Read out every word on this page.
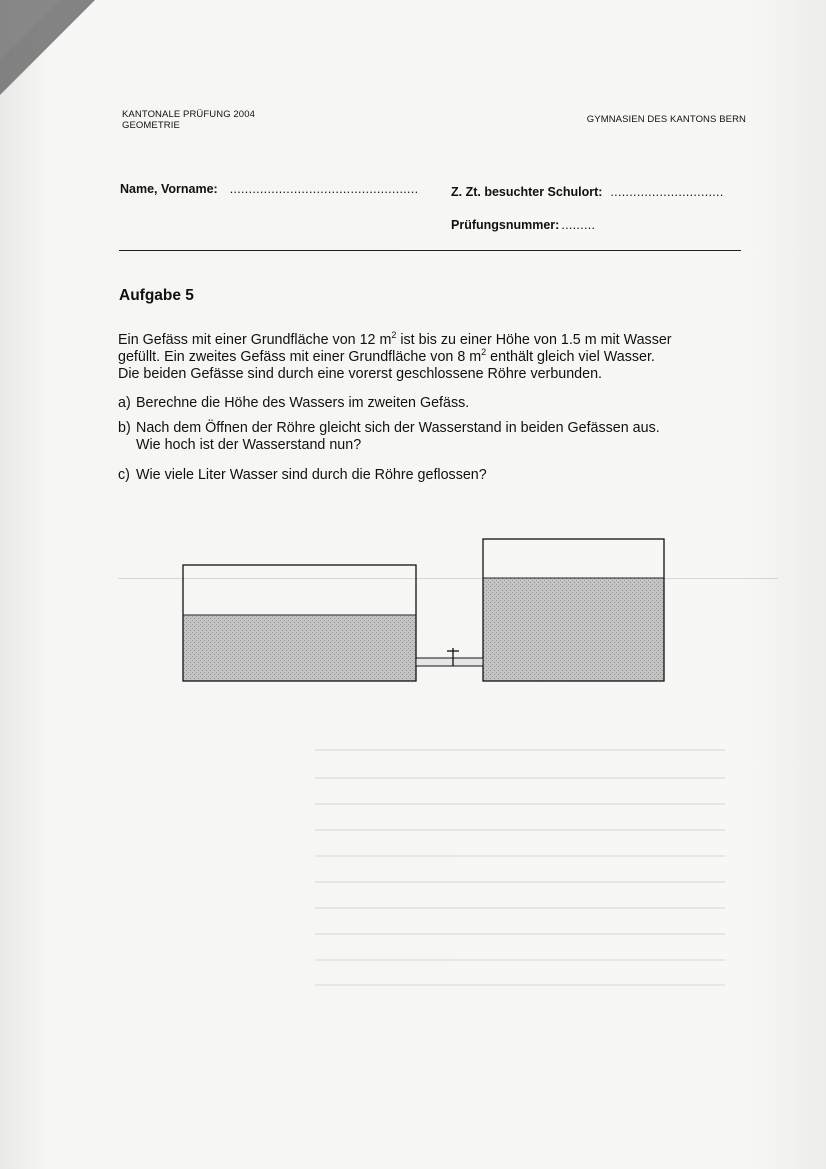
KANTONALE PRÜFUNG 2004
GEOMETRIE
GYMNASIEN DES KANTONS BERN
Name, Vorname: ..................................................	Z. Zt. besuchter Schulort: ..............................
Prüfungsnummer: .........
Aufgabe 5

Ein Gefäss mit einer Grundfläche von 12 $m^2$ ist bis zu einer Höhe von 1.5 m mit Wasser

gefüllt. Ein zweites Gefäss mit einer Grundfläche von 8 $m^2$ enthält gleich viel Wasser.

Die beiden Gefässe sind durch eine vorerst geschlossene Röhre verbunden.

a) Berechne die Höhe des Wassers im zweiten Gefäss.
b) Nach dem Öffnen der Röhre gleicht sich der Wasserstand in beiden Gefässen aus.
Wie hoch ist der Wasserstand nun?
c) Wie viele Liter Wasser sind durch die Röhre geflossen?
